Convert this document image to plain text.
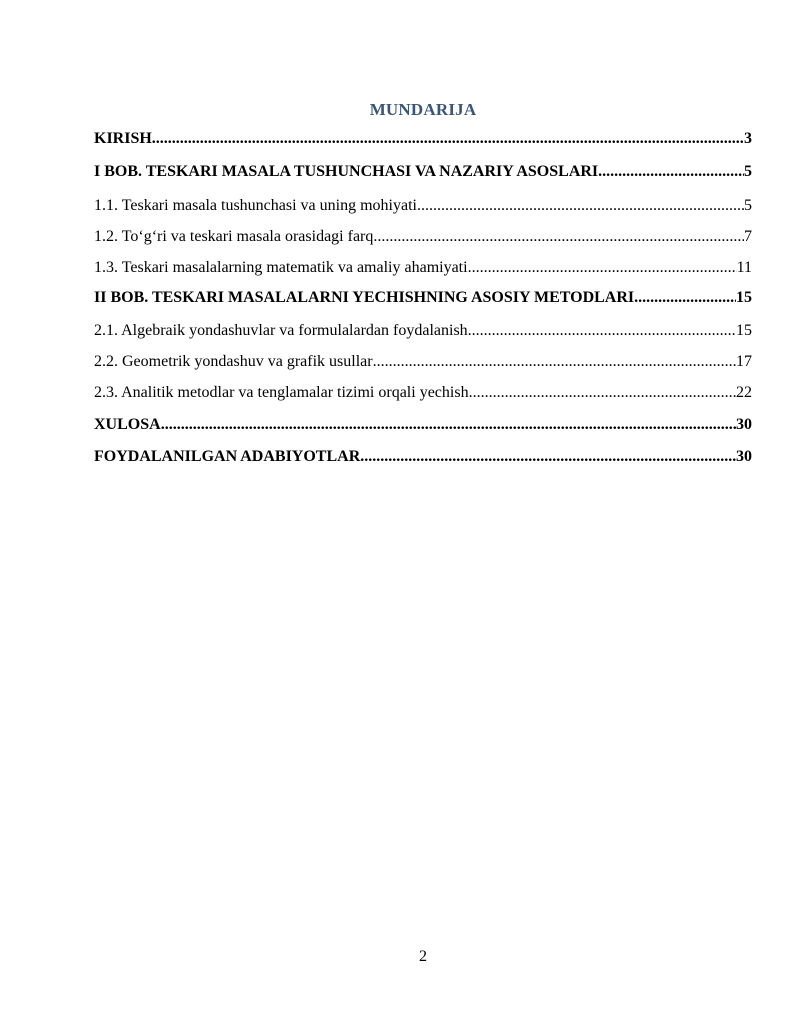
MUNDARIJA
KIRISH .....	3
I BOB. TESKARI MASALA TUSHUNCHASI VA NAZARIY ASOSLARI .....	5
1.1. Teskari masala tushunchasi va uning mohiyati .....	5
1.2. To‘g‘ri va teskari masala orasidagi farq .....	7
1.3. Teskari masalalarning matematik va amaliy ahamiyati .....	11
II BOB. TESKARI MASALALARNI YECHISHNING ASOSIY METODLARI .....	15
2.1. Algebraik yondashuvlar va formulalardan foydalanish .....	15
2.2. Geometrik yondashuv va grafik usullar .....	17
2.3. Analitik metodlar va tenglamalar tizimi orqali yechish .....	22
XULOSA .....	30
FOYDALANILGAN ADABIYOTLAR .....	30
2
